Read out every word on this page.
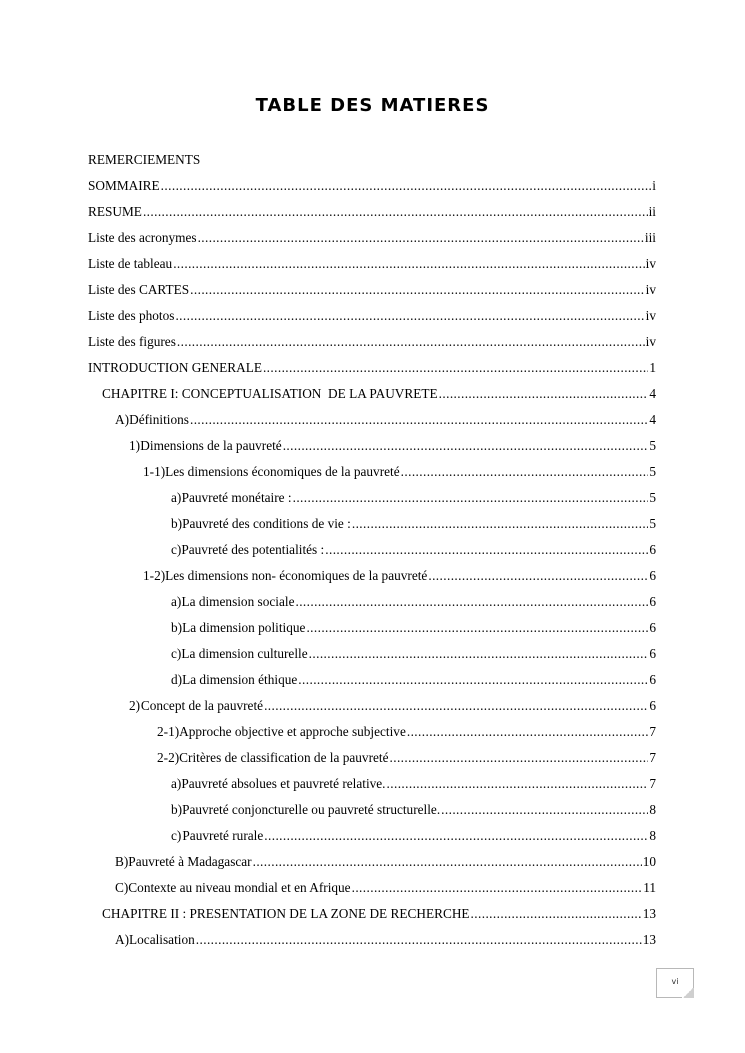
TABLE DES MATIERES
REMERCIEMENTS
SOMMAIRE .....	i
RESUME .....	ii
Liste des acronymes .....	iii
Liste de tableau .....	iv
Liste des CARTES .....	iv
Liste des photos .....	iv
Liste des figures .....	iv
INTRODUCTION GENERALE .....	1
CHAPITRE I: CONCEPTUALISATION  DE LA PAUVRETE .....	4
A) Définitions .....	4
1) Dimensions de la pauvreté .....	5
1-1) Les dimensions économiques de la pauvreté .....	5
a) Pauvreté monétaire : .....	5
b) Pauvreté des conditions de vie : .....	5
c) Pauvreté des potentialités : .....	6
1-2) Les dimensions non- économiques de la pauvreté .....	6
a) La dimension sociale .....	6
b) La dimension politique .....	6
c) La dimension culturelle .....	6
d) La dimension éthique .....	6
2) Concept de la pauvreté .....	6
2-1) Approche objective et approche subjective .....	7
2-2) Critères de classification de la pauvreté .....	7
a) Pauvreté absolues et pauvreté relative. .....	7
b) Pauvreté conjoncturelle ou pauvreté structurelle. .....	8
c) Pauvreté rurale .....	8
B) Pauvreté à Madagascar .....	10
C) Contexte au niveau mondial et en Afrique .....	11
CHAPITRE II : PRESENTATION DE LA ZONE DE RECHERCHE .....	13
A) Localisation .....	13
vi
